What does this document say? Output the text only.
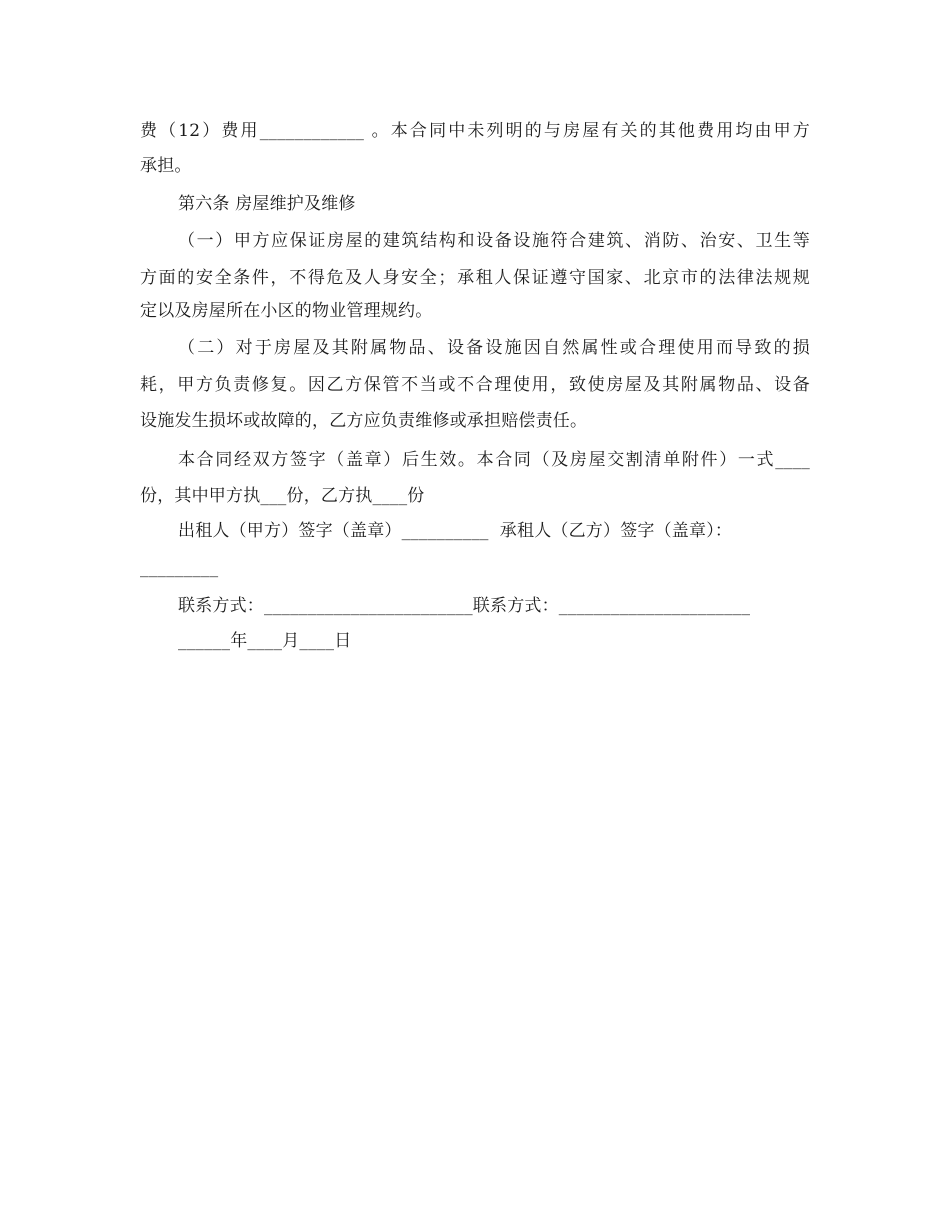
费（12）费用____________ 。本合同中未列明的与房屋有关的其他费用均由甲方
承担。
第六条 房屋维护及维修
（一）甲方应保证房屋的建筑结构和设备设施符合建筑、消防、治安、卫生等
方面的安全条件，不得危及人身安全；承租人保证遵守国家、北京市的法律法规规
定以及房屋所在小区的物业管理规约。
（二）对于房屋及其附属物品、设备设施因自然属性或合理使用而导致的损
耗，甲方负责修复。因乙方保管不当或不合理使用，致使房屋及其附属物品、设备
设施发生损坏或故障的，乙方应负责维修或承担赔偿责任。
本合同经双方签字（盖章）后生效。本合同（及房屋交割清单附件）一式____
份，其中甲方执___份，乙方执____份
出租人（甲方）签字（盖章）__________  承租人（乙方）签字（盖章）：
_________
联系方式：________________________联系方式：______________________
______年____月____日
